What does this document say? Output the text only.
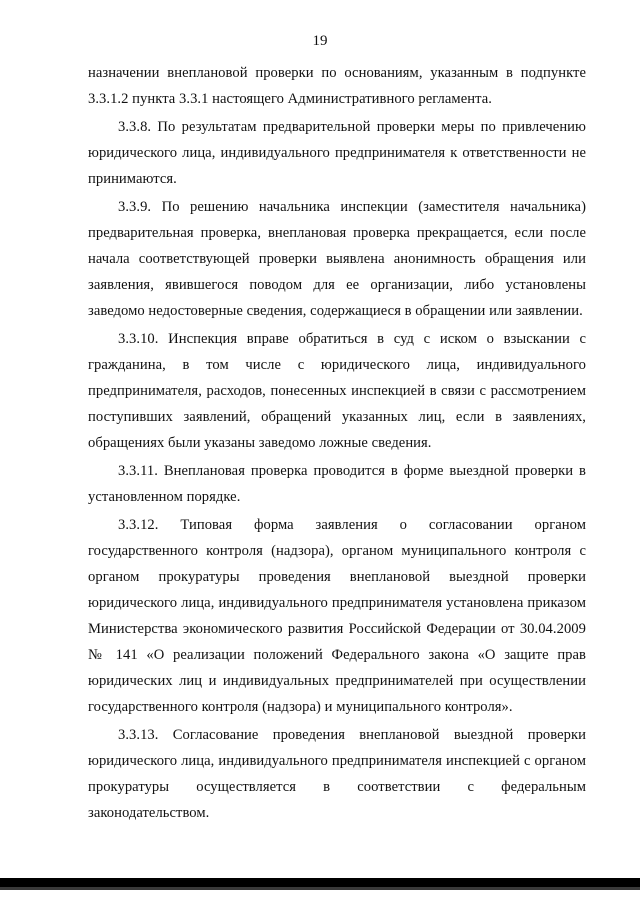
19
назначении внеплановой проверки по основаниям, указанным в подпункте
3.3.1.2 пункта 3.3.1 настоящего Административного регламента.
3.3.8. По результатам предварительной проверки меры по привлечению
юридического лица, индивидуального предпринимателя к ответственности не
принимаются.
3.3.9. По решению начальника инспекции (заместителя начальника)
предварительная проверка, внеплановая проверка прекращается, если после
начала соответствующей проверки выявлена анонимность обращения или
заявления, явившегося поводом для ее организации, либо установлены
заведомо недостоверные сведения, содержащиеся в обращении или заявлении.
3.3.10. Инспекция вправе обратиться в суд с иском о взыскании с
гражданина, в том числе с юридического лица, индивидуального
предпринимателя, расходов, понесенных инспекцией в связи с рассмотрением
поступивших заявлений, обращений указанных лиц, если в заявлениях,
обращениях были указаны заведомо ложные сведения.
3.3.11. Внеплановая проверка проводится в форме выездной проверки в
установленном порядке.
3.3.12. Типовая форма заявления о согласовании органом
государственного контроля (надзора), органом муниципального контроля с
органом прокуратуры проведения внеплановой выездной проверки
юридического лица, индивидуального предпринимателя установлена приказом
Министерства экономического развития Российской Федерации от 30.04.2009
№ 141 «О реализации положений Федерального закона «О защите прав
юридических лиц и индивидуальных предпринимателей при осуществлении
государственного контроля (надзора) и муниципального контроля».
3.3.13. Согласование проведения внеплановой выездной проверки
юридического лица, индивидуального предпринимателя инспекцией с органом
прокуратуры осуществляется в соответствии с федеральным
законодательством.
